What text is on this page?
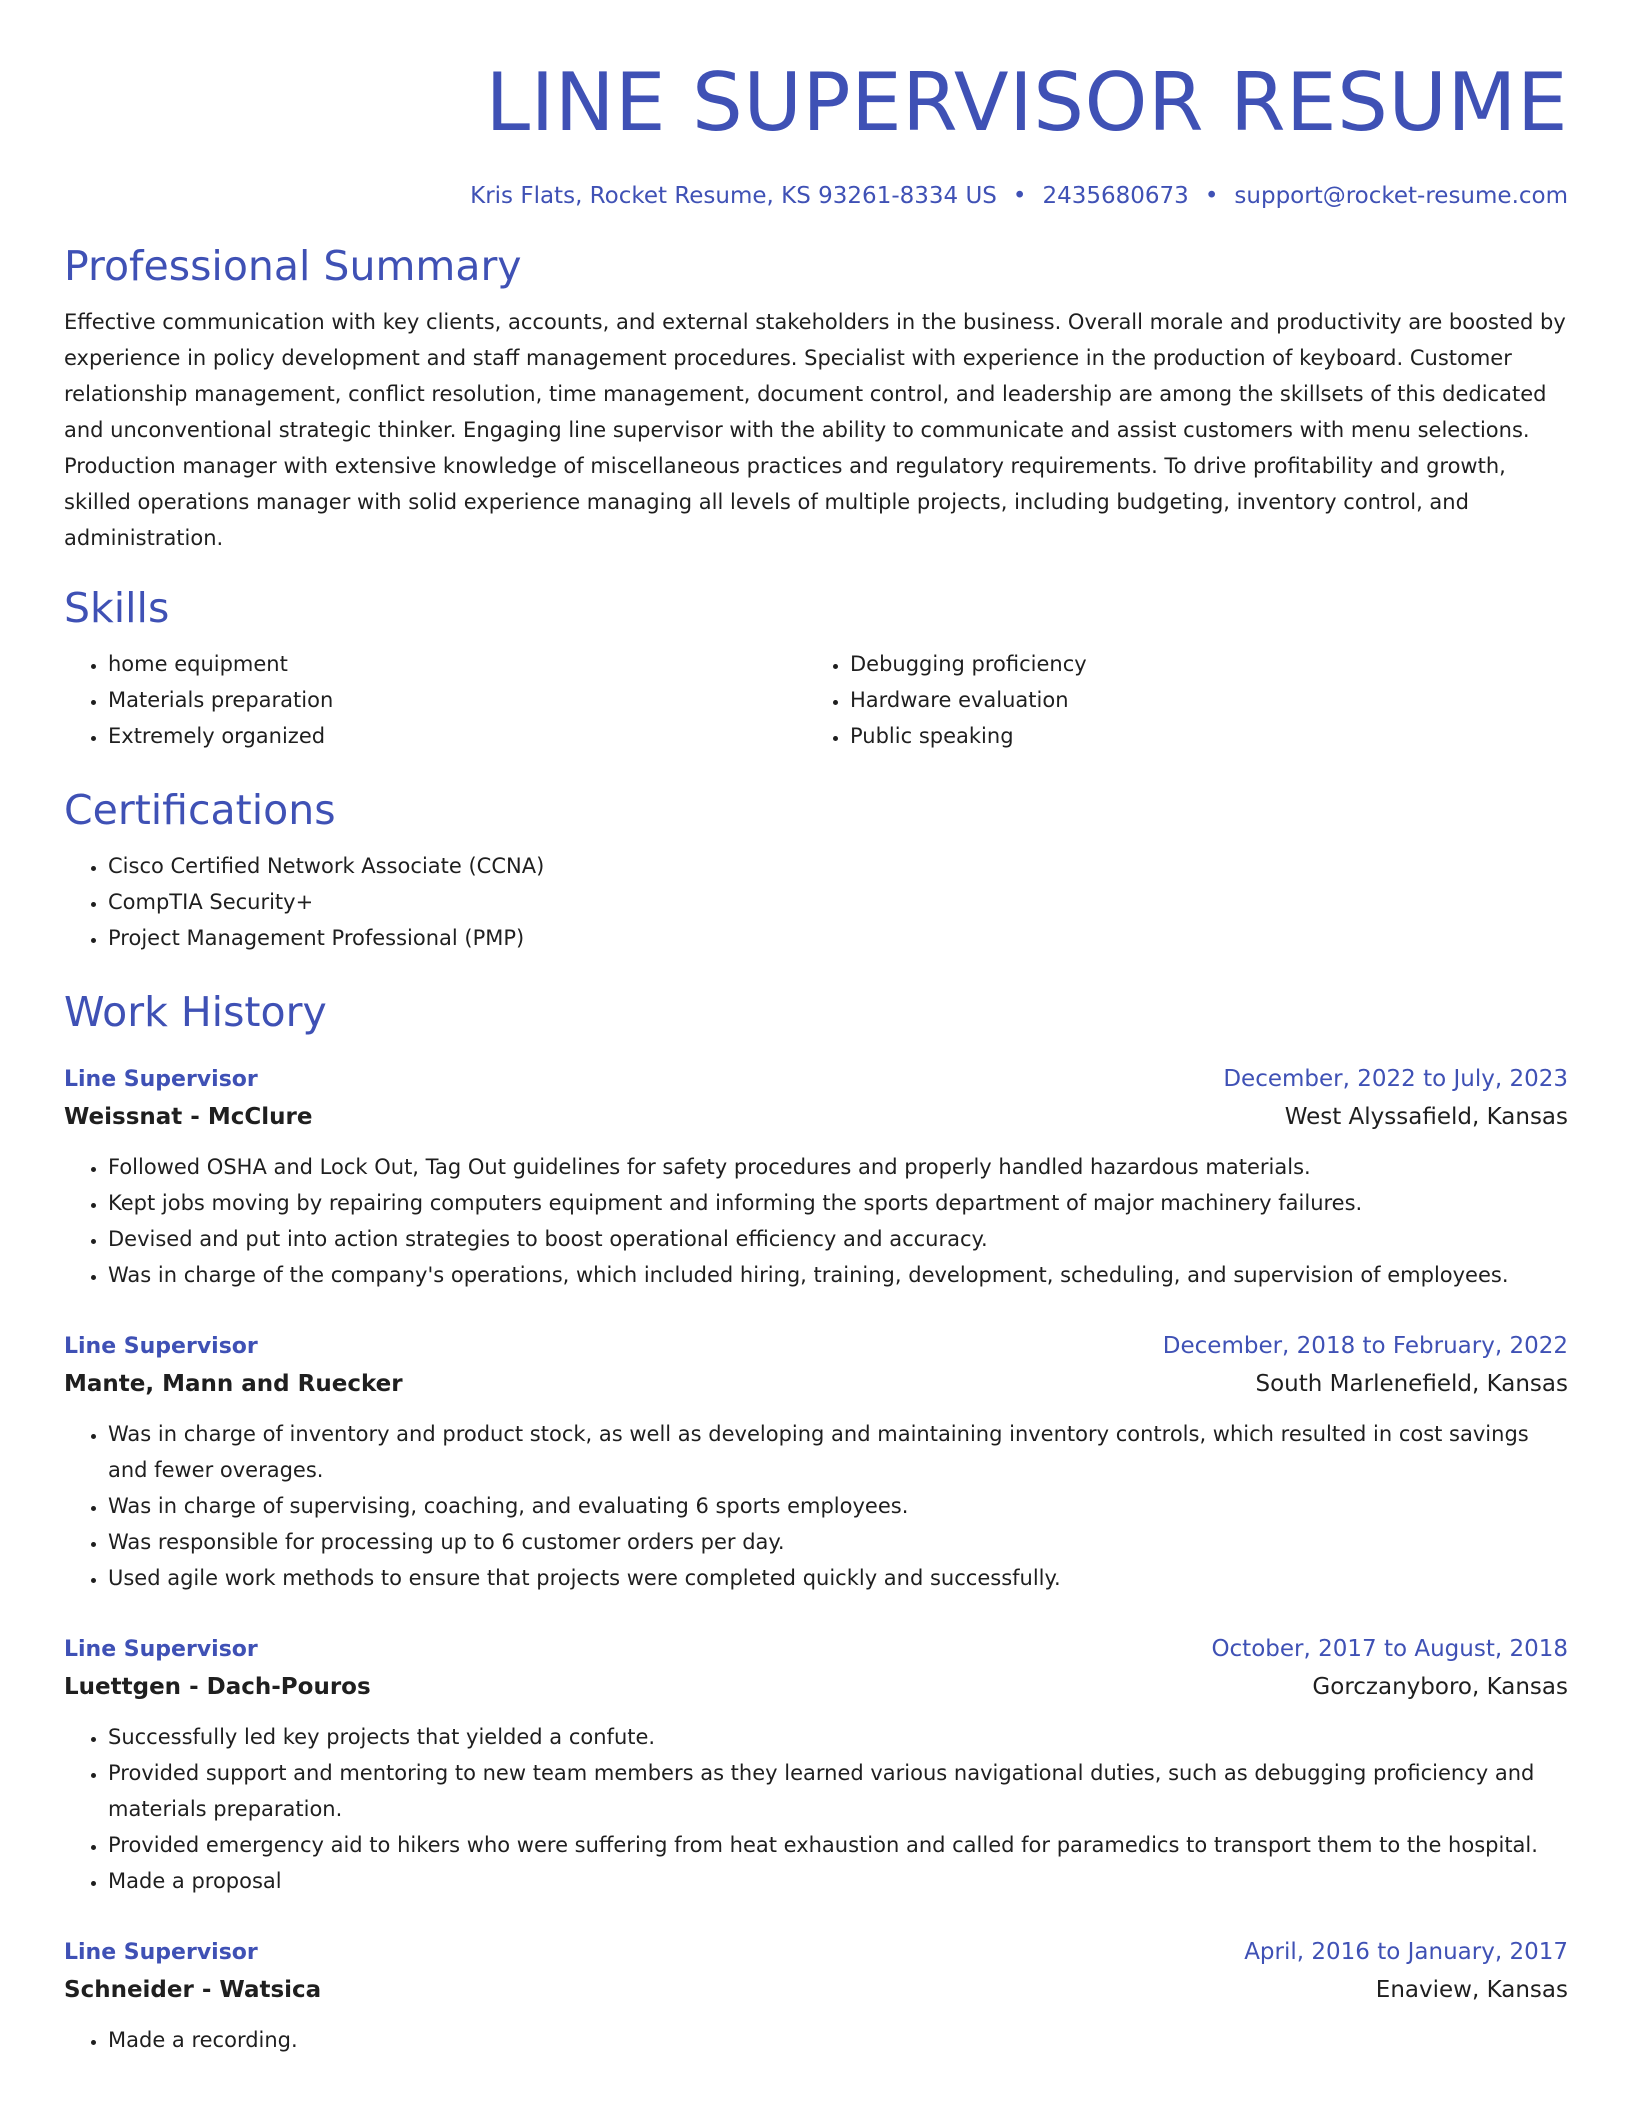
LINE SUPERVISOR RESUME
Kris Flats, Rocket Resume, KS 93261-8334 US • 2435680673 • support@rocket-resume.com
Professional Summary
Effective communication with key clients, accounts, and external stakeholders in the business. Overall morale and productivity are boosted by experience in policy development and staff management procedures. Specialist with experience in the production of keyboard. Customer relationship management, conflict resolution, time management, document control, and leadership are among the skillsets of this dedicated and unconventional strategic thinker. Engaging line supervisor with the ability to communicate and assist customers with menu selections. Production manager with extensive knowledge of miscellaneous practices and regulatory requirements. To drive profitability and growth, skilled operations manager with solid experience managing all levels of multiple projects, including budgeting, inventory control, and administration.
Skills
• home equipment
• Materials preparation
• Extremely organized
• Debugging proficiency
• Hardware evaluation
• Public speaking
Certifications
• Cisco Certified Network Associate (CCNA)
• CompTIA Security+
• Project Management Professional (PMP)
Work History
Line Supervisor	December, 2022 to July, 2023
Weissnat - McClure	West Alyssafield, Kansas
• Followed OSHA and Lock Out, Tag Out guidelines for safety procedures and properly handled hazardous materials.
• Kept jobs moving by repairing computers equipment and informing the sports department of major machinery failures.
• Devised and put into action strategies to boost operational efficiency and accuracy.
• Was in charge of the company's operations, which included hiring, training, development, scheduling, and supervision of employees.
Line Supervisor	December, 2018 to February, 2022
Mante, Mann and Ruecker	South Marlenefield, Kansas
• Was in charge of inventory and product stock, as well as developing and maintaining inventory controls, which resulted in cost savings and fewer overages.
• Was in charge of supervising, coaching, and evaluating 6 sports employees.
• Was responsible for processing up to 6 customer orders per day.
• Used agile work methods to ensure that projects were completed quickly and successfully.
Line Supervisor	October, 2017 to August, 2018
Luettgen - Dach-Pouros	Gorczanyboro, Kansas
• Successfully led key projects that yielded a confute.
• Provided support and mentoring to new team members as they learned various navigational duties, such as debugging proficiency and materials preparation.
• Provided emergency aid to hikers who were suffering from heat exhaustion and called for paramedics to transport them to the hospital.
• Made a proposal
Line Supervisor	April, 2016 to January, 2017
Schneider - Watsica	Enaview, Kansas
• Made a recording.
